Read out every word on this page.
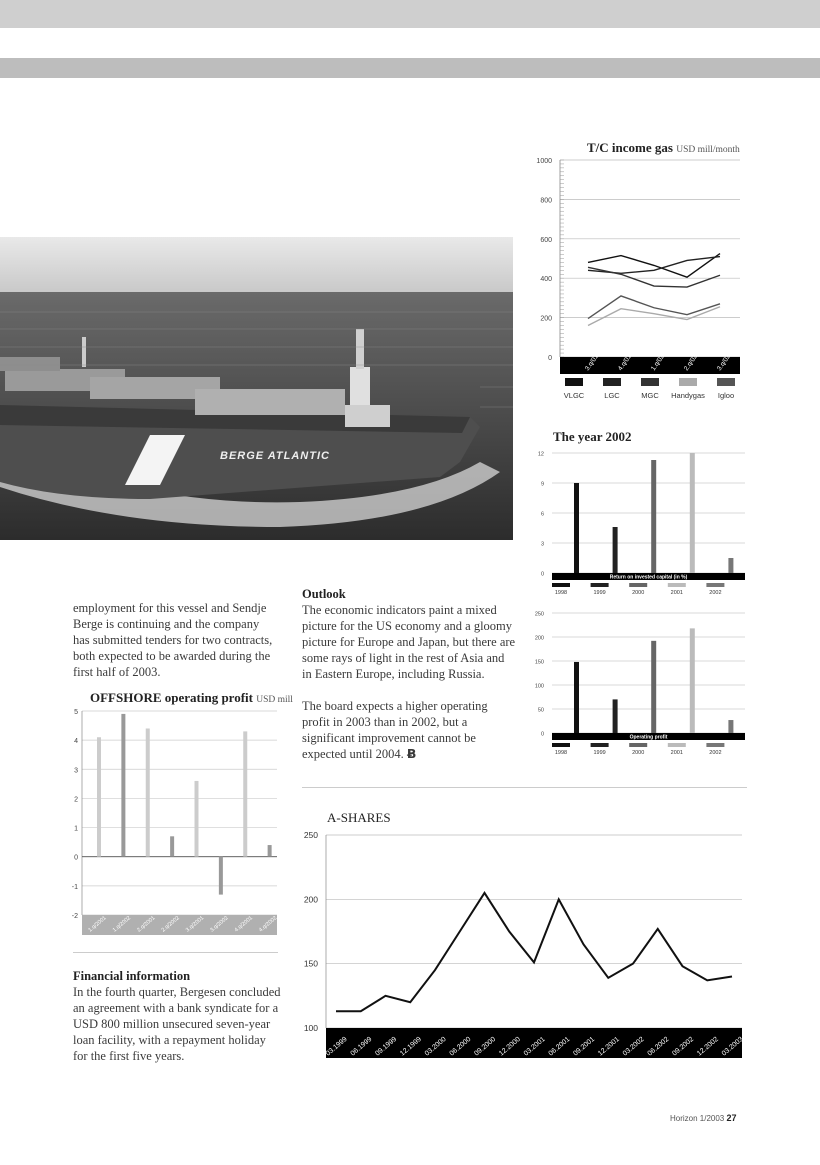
BERGE ATLANTIC
T/C income gas USD mill/month
0
200
400
600
800
1000
3.q/01	4.q/01	1.q/02	2.q/02	3.q/02
VLGC	LGC	MGC Handygas Igloo
The year 2002
0
3
6
9
12
Return on invested capital (in %)
1998	1999	2000	2001	2002
0
50
100
150
200
250
Operating profit
1998	1999	2000	2001	2002

employment for this vessel and Sendje Berge is continuing and the company has submitted tenders for two contracts, both expected to be awarded during the first half of 2003.

OFFSHORE operating profit USD mill
5
4
3
2
1
0
-1
-2 1.q/2001 1.q/2002 2.q/2001 2.q/2002 3.q/2001 3.q/2002 4.q/2001 4.q/2002

Financial information

In the fourth quarter, Bergesen concluded an agreement with a bank syndicate for a USD 800 million unsecured seven-year loan facility, with a repayment holiday for the first five years.

Outlook

The economic indicators paint a mixed picture for the US economy and a gloomy picture for Europe and Japan, but there are some rays of light in the rest of Asia and in Eastern Europe, including Russia.

The board expects a higher operating profit in 2003 than in 2002, but a significant improvement cannot be expected until 2004. Ƀ

A-SHARES
100
150
200
250
03.1999 06.1999 09.1999 12.1999 03.2000 06.2000 09.2000 12.2000 03.2001 06.2001 09.2001 12.2001 03.2002 06.2002 09.2002 12.2002 03.2003
Horizon 1/2003 27
